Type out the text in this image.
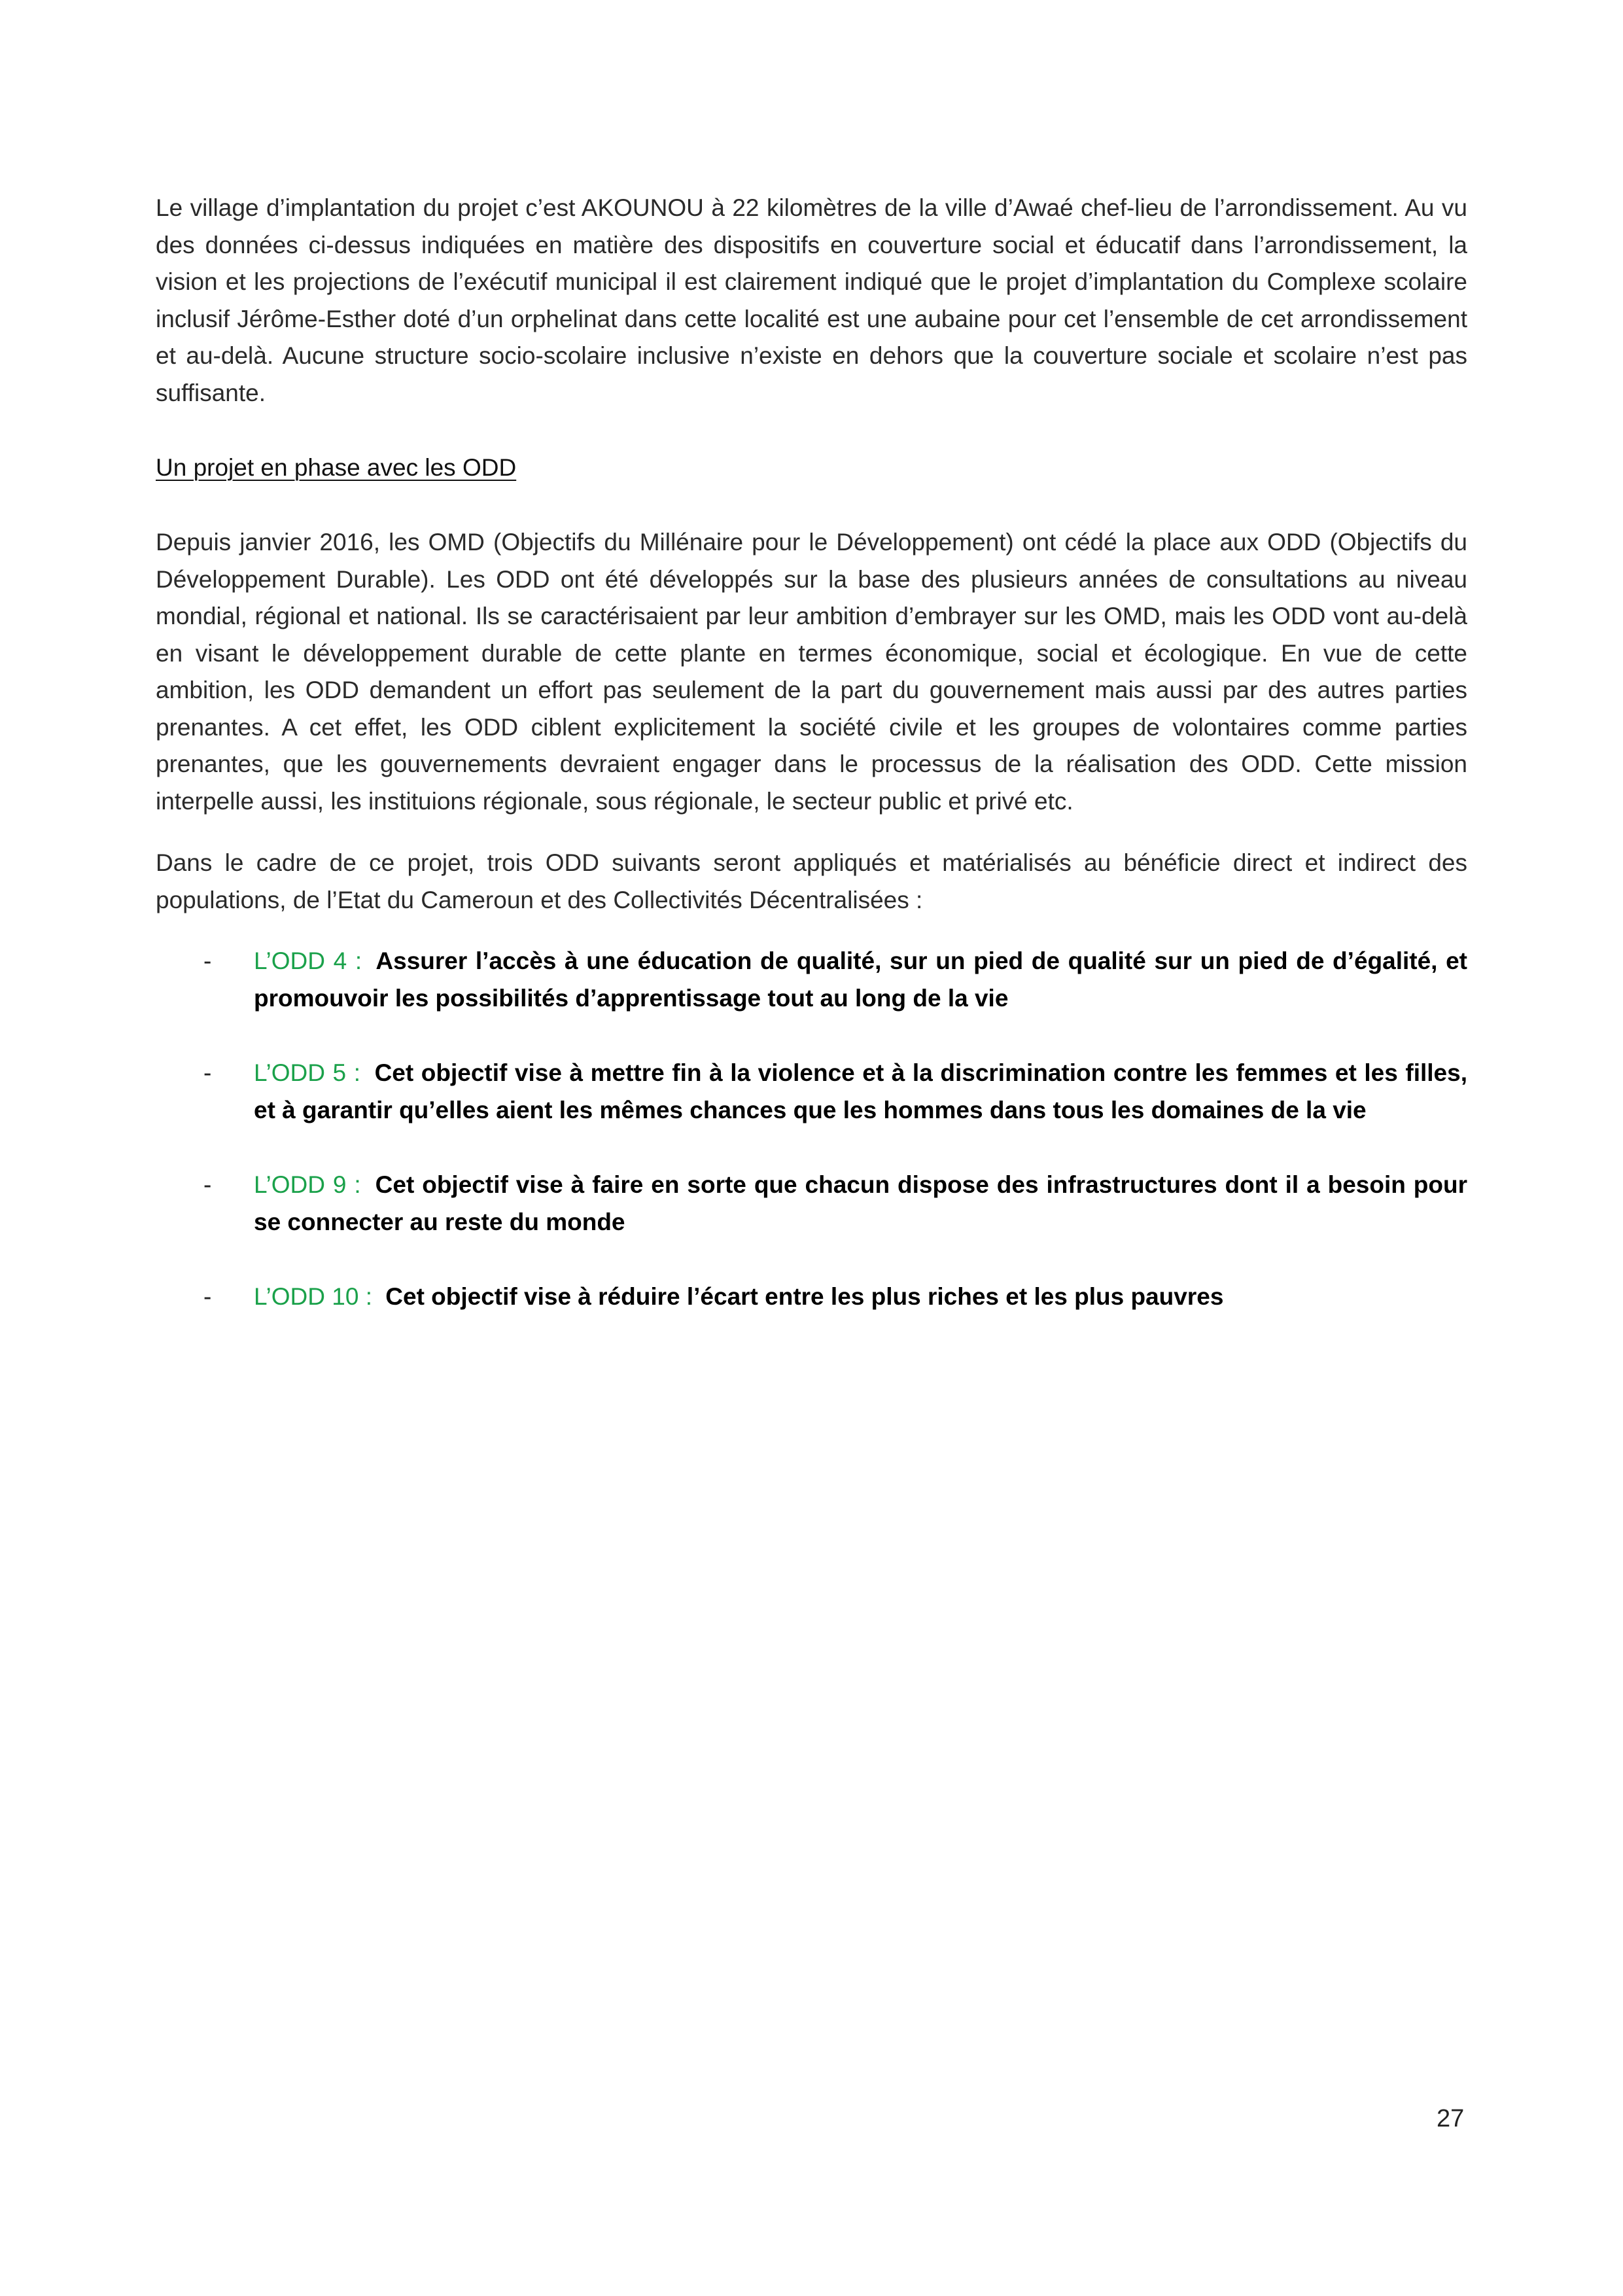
Le village d’implantation du projet c’est AKOUNOU à 22 kilomètres de la ville d’Awaé chef-lieu de l’arrondissement. Au vu des données ci-dessus indiquées en matière des dispositifs en couverture social et éducatif dans l’arrondissement, la vision et les projections de l’exécutif municipal il est clairement indiqué que le projet d’implantation du Complexe scolaire inclusif Jérôme-Esther doté d’un orphelinat dans cette localité est une aubaine pour cet l’ensemble de cet arrondissement et au-delà. Aucune structure socio-scolaire inclusive n’existe en dehors que la couverture sociale et scolaire n’est pas suffisante.

Un projet en phase avec les ODD

Depuis janvier 2016, les OMD (Objectifs du Millénaire pour le Développement) ont cédé la place aux ODD (Objectifs du Développement Durable). Les ODD ont été développés sur la base des plusieurs années de consultations au niveau mondial, régional et national. Ils se caractérisaient par leur ambition d’embrayer sur les OMD, mais les ODD vont au-delà en visant le développement durable de cette plante en termes économique, social et écologique. En vue de cette ambition, les ODD demandent un effort pas seulement de la part du gouvernement mais aussi par des autres parties prenantes. A cet effet, les ODD ciblent explicitement la société civile et les groupes de volontaires comme parties prenantes, que les gouvernements devraient engager dans le processus de la réalisation des ODD. Cette mission interpelle aussi, les instituions régionale, sous régionale, le secteur public et privé etc.

Dans le cadre de ce projet, trois ODD suivants seront appliqués et matérialisés au bénéficie direct et indirect des populations, de l’Etat du Cameroun et des Collectivités Décentralisées :

- L’ODD 4 : Assurer l’accès à une éducation de qualité, sur un pied de qualité sur un pied de d’égalité, et promouvoir les possibilités d’apprentissage tout au long de la vie
- L’ODD 5 : Cet objectif vise à mettre fin à la violence et à la discrimination contre les femmes et les filles, et à garantir qu’elles aient les mêmes chances que les hommes dans tous les domaines de la vie
- L’ODD 9 : Cet objectif vise à faire en sorte que chacun dispose des infrastructures dont il a besoin pour se connecter au reste du monde
- L’ODD 10 : Cet objectif vise à réduire l’écart entre les plus riches et les plus pauvres
27
